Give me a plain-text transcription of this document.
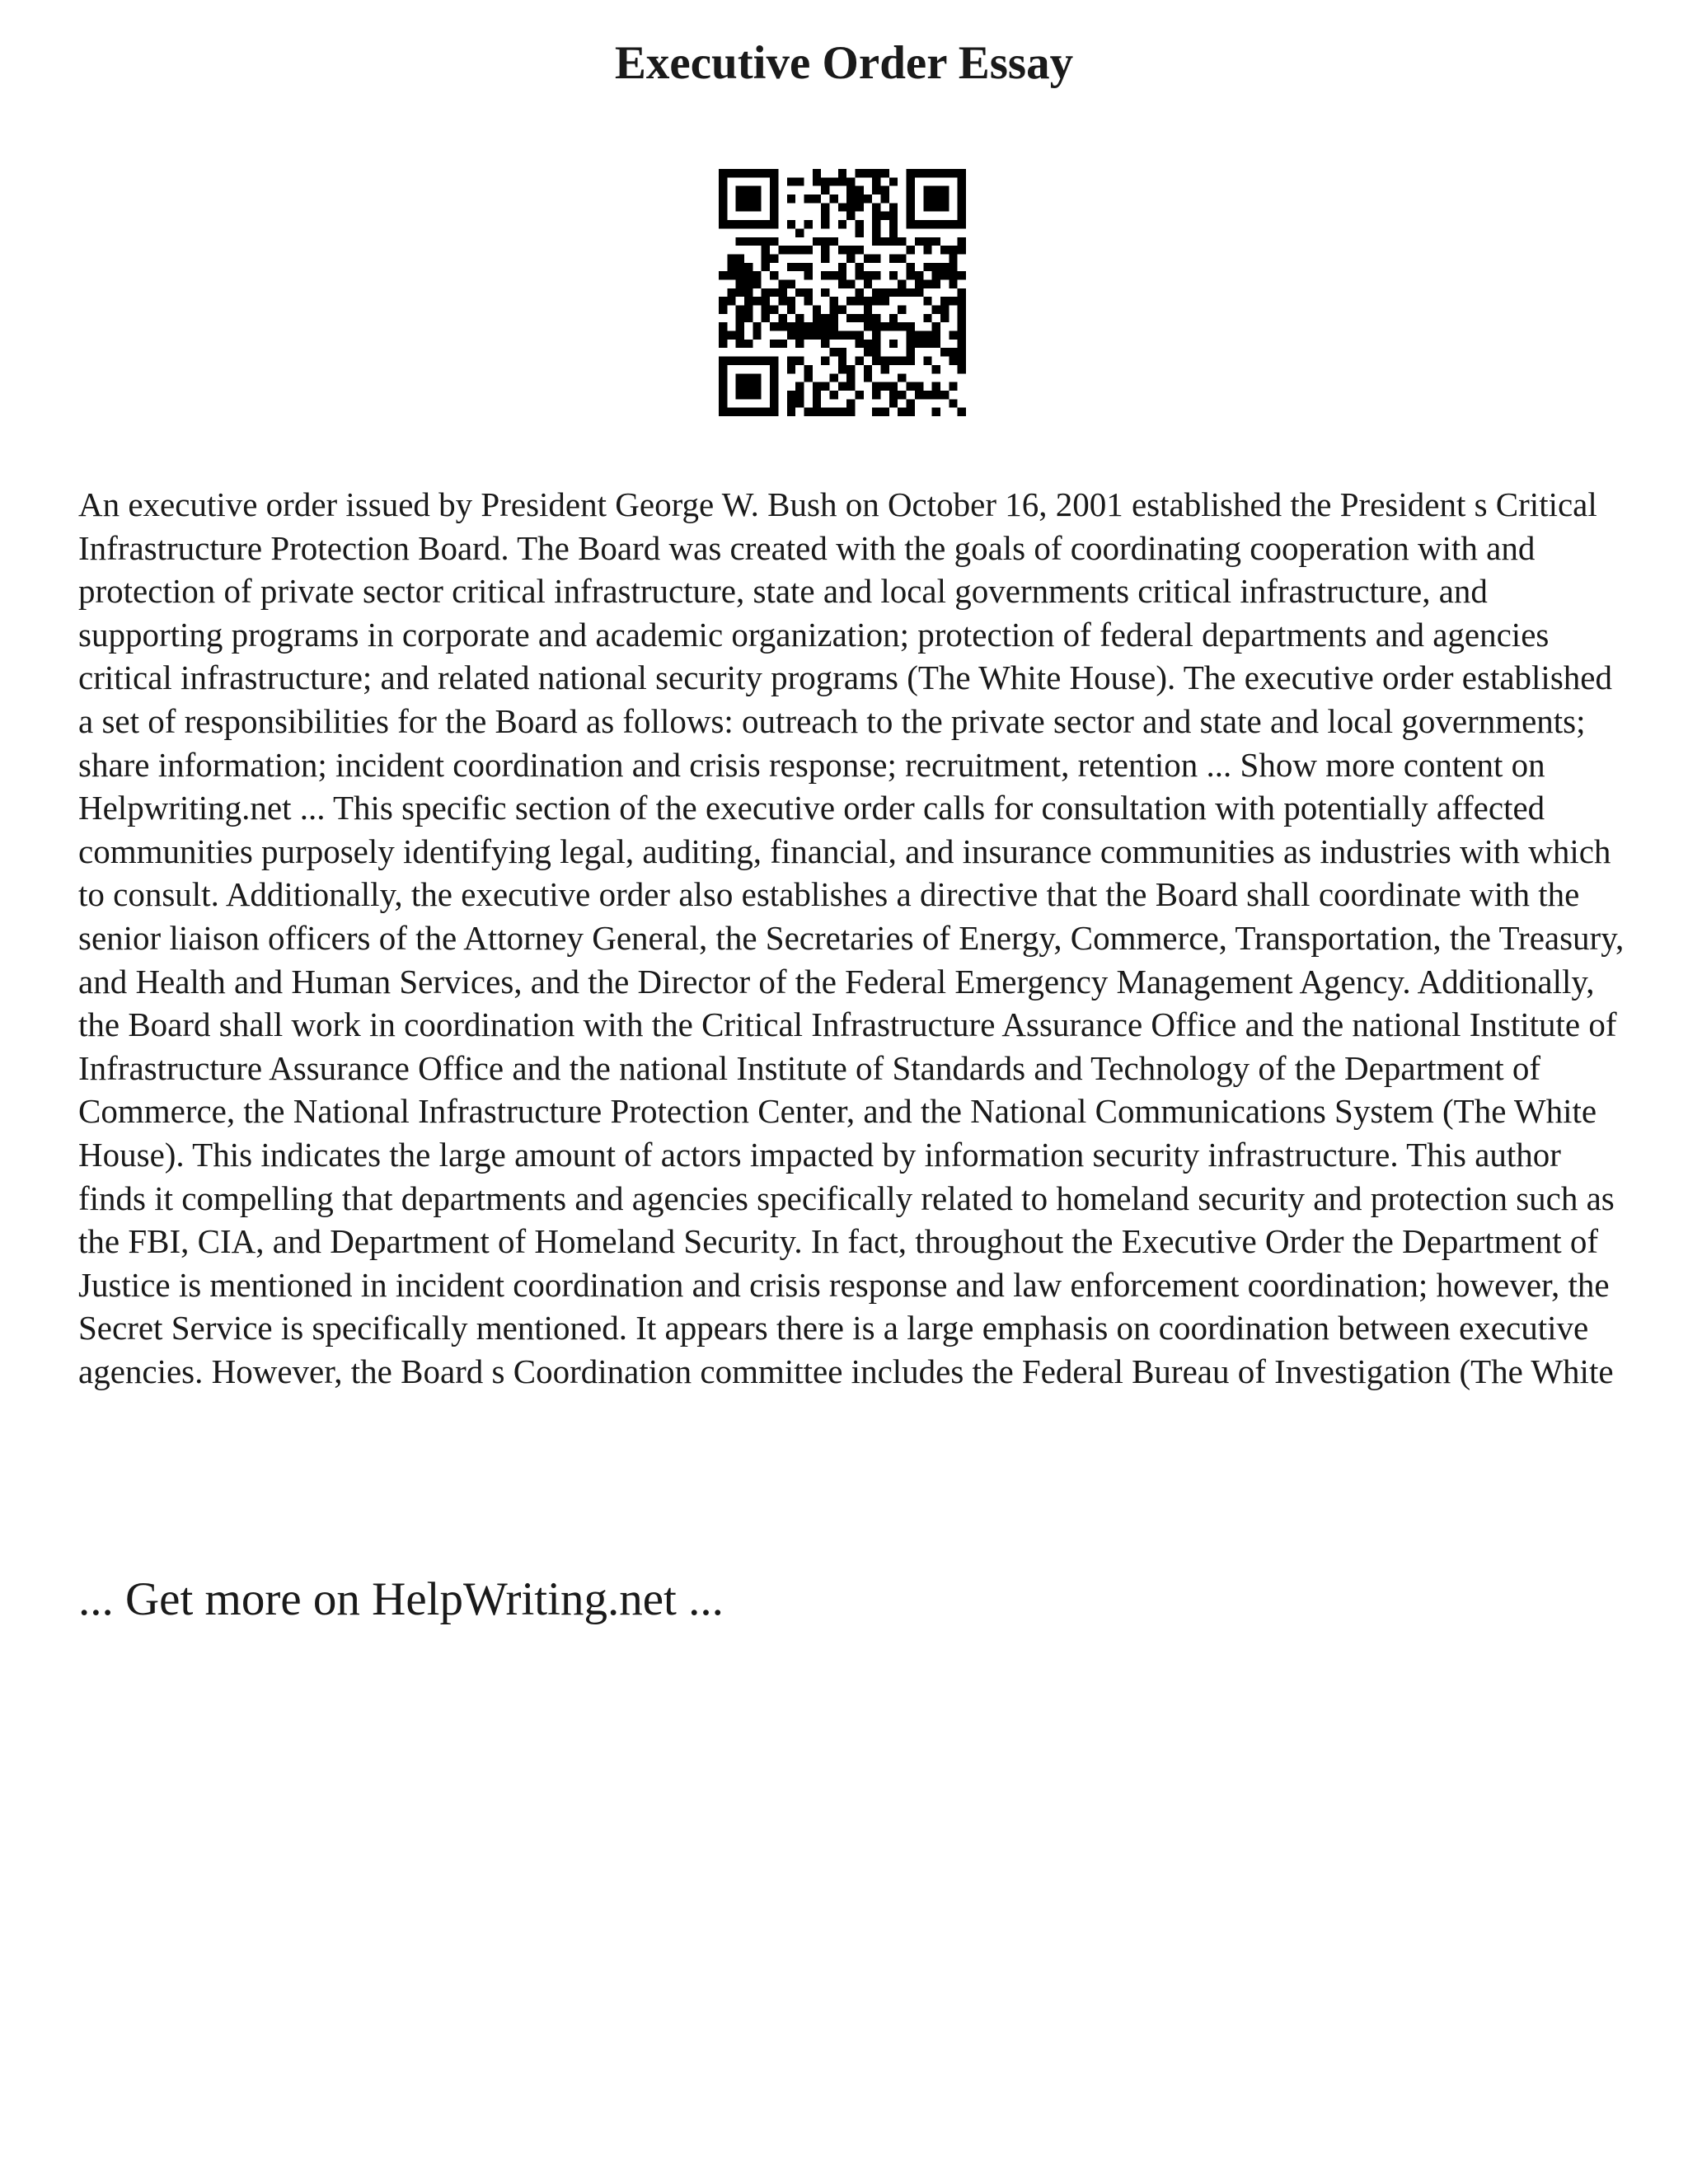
Executive Order Essay

An executive order issued by President George W. Bush on October 16, 2001 established the President s Critical Infrastructure Protection Board. The Board was created with the goals of coordinating cooperation with and protection of private sector critical infrastructure, state and local governments critical infrastructure, and supporting programs in corporate and academic organization; protection of federal departments and agencies critical infrastructure; and related national security programs (The White House). The executive order established a set of responsibilities for the Board as follows: outreach to the private sector and state and local governments; share information; incident coordination and crisis response; recruitment, retention ... Show more content on Helpwriting.net ... This specific section of the executive order calls for consultation with potentially affected communities purposely identifying legal, auditing, financial, and insurance communities as industries with which to consult. Additionally, the executive order also establishes a directive that the Board shall coordinate with the senior liaison officers of the Attorney General, the Secretaries of Energy, Commerce, Transportation, the Treasury, and Health and Human Services, and the Director of the Federal Emergency Management Agency. Additionally, the Board shall work in coordination with the Critical Infrastructure Assurance Office and the national Institute of Infrastructure Assurance Office and the national Institute of Standards and Technology of the Department of Commerce, the National Infrastructure Protection Center, and the National Communications System (The White House). This indicates the large amount of actors impacted by information security infrastructure. This author finds it compelling that departments and agencies specifically related to homeland security and protection such as the FBI, CIA, and Department of Homeland Security. In fact, throughout the Executive Order the Department of Justice is mentioned in incident coordination and crisis response and law enforcement coordination; however, the Secret Service is specifically mentioned. It appears there is a large emphasis on coordination between executive agencies. However, the Board s Coordination committee includes the Federal Bureau of Investigation (The White

... Get more on HelpWriting.net ...
